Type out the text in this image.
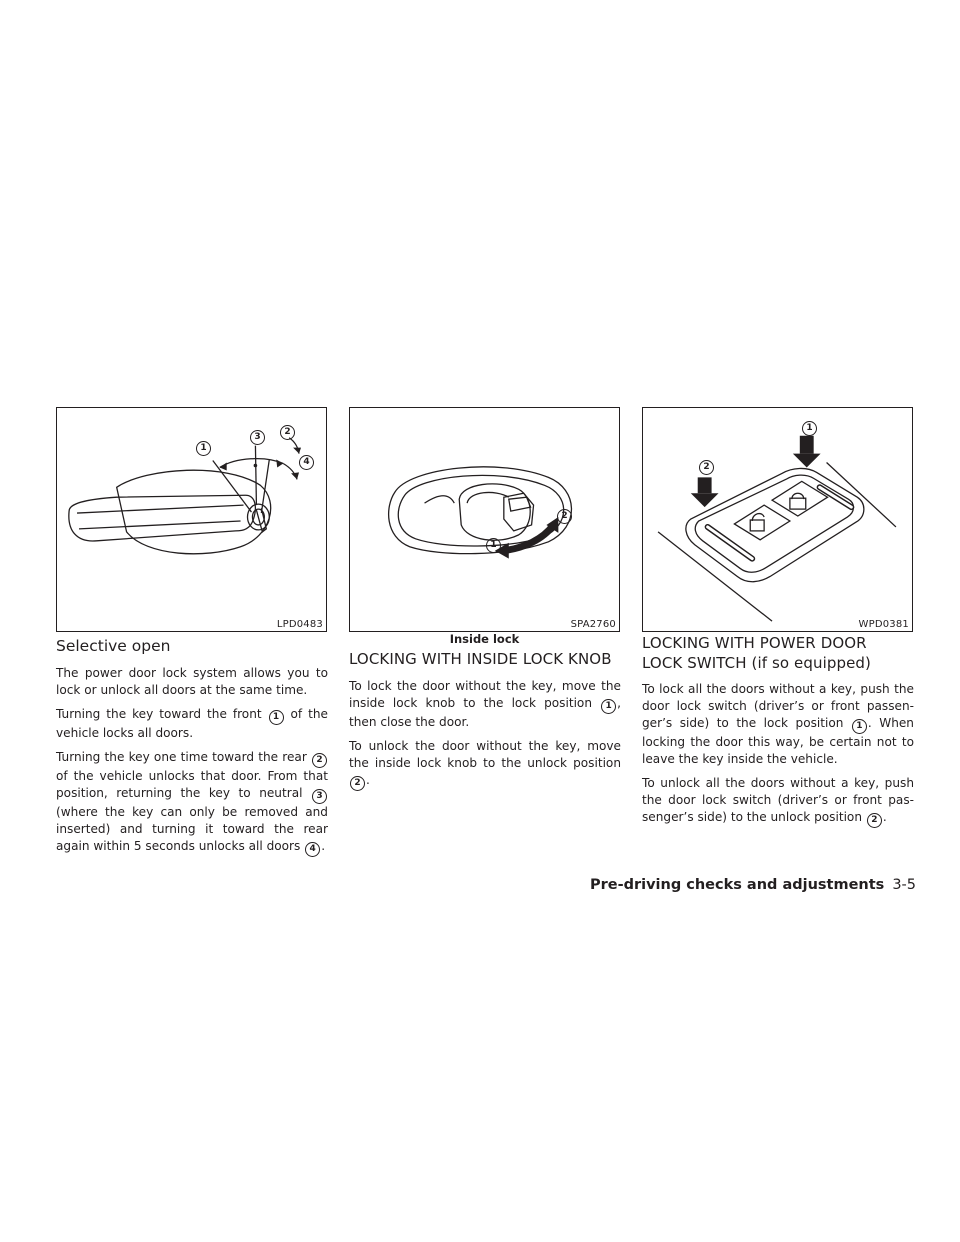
1
3	2
4
LPD0483
Selective open

The power door lock system allows you to lock or unlock all doors at the same time.

Turning the key toward the front 1 of the vehicle locks all doors.

Turning the key one time toward the rear 2 of the vehicle unlocks that door. From that position, returning the key to neutral 3 (where the key can only be removed and inserted) and turning it toward the rear again within 5 seconds unlocks all doors 4 .

1
2
SPA2760
Inside lock
LOCKING WITH INSIDE LOCK KNOB

To lock the door without the key, move the inside lock knob to the lock position 1 , then close the door.

To unlock the door without the key, move the inside lock knob to the unlock position 2 .

1
2
WPD0381
LOCKING WITH POWER DOOR
LOCK SWITCH (if so equipped)

To lock all the doors without a key, push the door lock switch (driver’s or front passen-ger’s side) to the lock position 1 . When locking the door this way, be certain not to leave the key inside the vehicle.

To unlock all the doors without a key, push the door lock switch (driver’s or front pas-senger’s side) to the unlock position 2 .

Pre-driving checks and adjustments 3-5
